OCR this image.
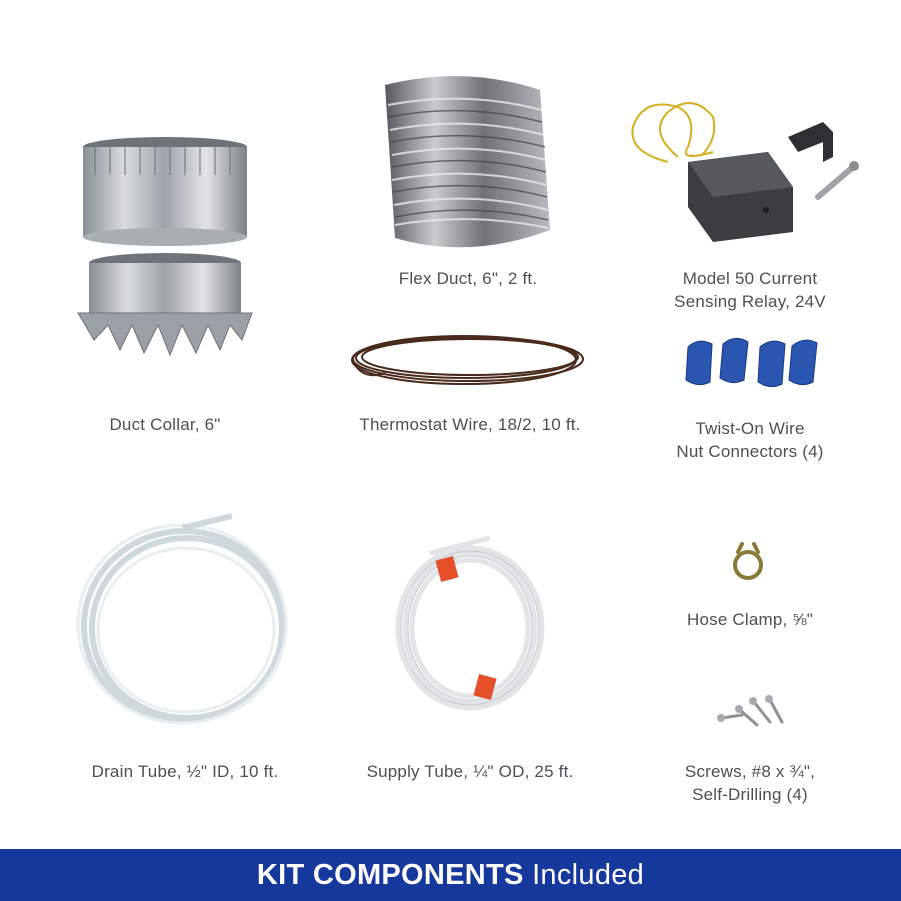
Duct Collar, 6"
Flex Duct, 6", 2 ft.	Model 50 Current
Sensing Relay, 24V
Thermostat Wire, 18/2, 10 ft.	Twist-On Wire
Nut Connectors (4)
Hose Clamp, ⅝"
Drain Tube, ½" ID, 10 ft.	Supply Tube, ¼" OD, 25 ft.	Screws, #8 x ¾",
Self-Drilling (4)
KIT COMPONENTS Included
